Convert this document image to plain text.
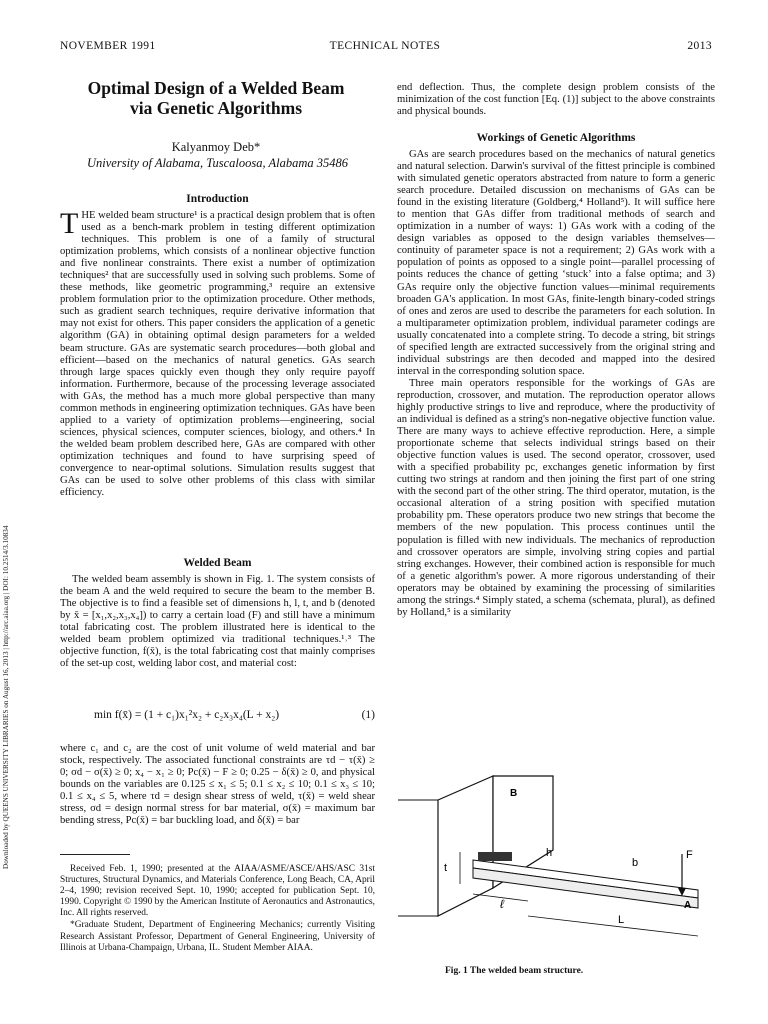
NOVEMBER 1991	TECHNICAL NOTES	2013
Downloaded by QUEENS UNIVERSITY LIBRARIES on August 16, 2013 | http://arc.aiaa.org | DOI: 10.2514/3.10834
Optimal Design of a Welded Beam
via Genetic Algorithms
Kalyanmoy Deb*
University of Alabama, Tuscaloosa, Alabama 35486
Introduction

THE welded beam structure¹ is a practical design problem that is often used as a bench-mark problem in testing different optimization techniques. This problem is one of a family of structural optimization problems, which consists of a nonlinear objective function and five nonlinear constraints. There exist a number of optimization techniques² that are successfully used in solving such problems. Some of these methods, like geometric programming,³ require an extensive problem formulation prior to the optimization procedure. Other methods, such as gradient search techniques, require derivative information that may not exist for others. This paper considers the application of a genetic algorithm (GA) in obtaining optimal design parameters for a welded beam structure. GAs are systematic search procedures—both global and efficient—based on the mechanics of natural genetics. GAs search through large spaces quickly even though they only require payoff information. Furthermore, because of the processing leverage associated with GAs, the method has a much more global perspective than many common methods in engineering optimization techniques. GAs have been applied to a variety of optimization problems—engineering, social sciences, physical sciences, computer sciences, biology, and others.⁴ In the welded beam problem described here, GAs are compared with other optimization techniques and found to have surprising speed of convergence to near-optimal solutions. Simulation results suggest that GAs can be used to solve other problems of this class with similar efficiency.

Welded Beam

The welded beam assembly is shown in Fig. 1. The system consists of the beam A and the weld required to secure the beam to the member B. The objective is to find a feasible set of dimensions h, l, t, and b (denoted by x̄ = [x₁,x₂,x₃,x₄]) to carry a certain load (F) and still have a minimum total fabricating cost. The problem illustrated here is identical to the welded beam problem optimized via traditional techniques.¹˒³ The objective function, f(x̄), is the total fabricating cost that mainly comprises of the set-up cost, welding labor cost, and material cost:

min f(x̄) = (1 + c₁)x₁²x₂ + c₂x₃x₄(L + x₂)	(1)

where c₁ and c₂ are the cost of unit volume of weld material and bar stock, respectively. The associated functional constraints are τd − τ(x̄) ≥ 0; σd − σ(x̄) ≥ 0; x₄ − x₁ ≥ 0; Pc(x̄) − F ≥ 0; 0.25 − δ(x̄) ≥ 0, and physical bounds on the variables are 0.125 ≤ x₁ ≤ 5; 0.1 ≤ x₂ ≤ 10; 0.1 ≤ x₃ ≤ 10; 0.1 ≤ x₄ ≤ 5, where τd = design shear stress of weld, τ(x̄) = weld shear stress, σd = design normal stress for bar material, σ(x̄) = maximum bar bending stress, Pc(x̄) = bar buckling load, and δ(x̄) = bar

Received Feb. 1, 1990; presented at the AIAA/ASME/ASCE/AHS/ASC 31st Structures, Structural Dynamics, and Materials Conference, Long Beach, CA, April 2–4, 1990; revision received Sept. 10, 1990; accepted for publication Sept. 10, 1990. Copyright © 1990 by the American Institute of Aeronautics and Astronautics, Inc. All rights reserved.

*Graduate Student, Department of Engineering Mechanics; currently Visiting Research Assistant Professor, Department of General Engineering, University of Illinois at Urbana-Champaign, Urbana, IL. Student Member AIAA.

end deflection. Thus, the complete design problem consists of the minimization of the cost function [Eq. (1)] subject to the above constraints and physical bounds.

Workings of Genetic Algorithms

GAs are search procedures based on the mechanics of natural genetics and natural selection. Darwin's survival of the fittest principle is combined with simulated genetic operators abstracted from nature to form a generic search procedure. Detailed discussion on mechanisms of GAs can be found in the existing literature (Goldberg,⁴ Holland⁵). It will suffice here to mention that GAs differ from traditional methods of search and optimization in a number of ways: 1) GAs work with a coding of the design variables as opposed to the design variables themselves—continuity of parameter space is not a requirement; 2) GAs work with a population of points as opposed to a single point—parallel processing of points reduces the chance of getting ‘stuck’ into a false optima; and 3) GAs require only the objective function values—minimal requirements broaden GA's application. In most GAs, finite-length binary-coded strings of ones and zeros are used to describe the parameters for each solution. In a multiparameter optimization problem, individual parameter codings are usually concatenated into a complete string. To decode a string, bit strings of specified length are extracted successively from the original string and individual substrings are then decoded and mapped into the desired interval in the corresponding solution space.

Three main operators responsible for the workings of GAs are reproduction, crossover, and mutation. The reproduction operator allows highly productive strings to live and reproduce, where the productivity of an individual is defined as a string's non-negative objective function value. There are many ways to achieve effective reproduction. Here, a simple proportionate scheme that selects individual strings based on their objective function values is used. The second operator, crossover, used with a specified probability pc, exchanges genetic information by first cutting two strings at random and then joining the first part of one string with the second part of the other string. The third operator, mutation, is the occasional alteration of a string position with specified mutation probability pm. These operators produce two new strings that become the members of the new population. This process continues until the population is filled with new individuals. The mechanics of reproduction and crossover operators are simple, involving string copies and partial string exchanges. However, their combined action is responsible for much of a genetic algorithm's power. A more rigorous understanding of their operators may be obtained by examining the processing of similarities among the strings.⁴ Simply stated, a schema (schemata, plural), as defined by Holland,⁵ is a similarity

B
h
b
t
F
ℓ
L
A
Fig. 1 The welded beam structure.
